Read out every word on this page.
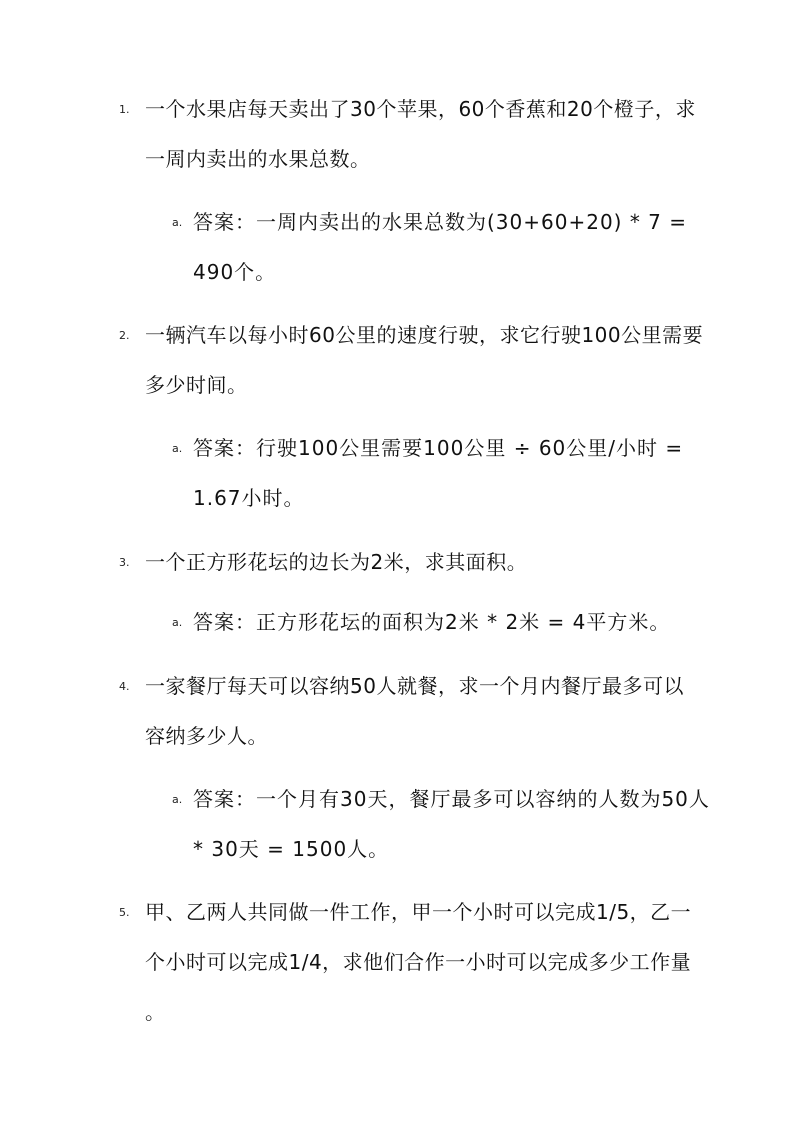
1. 一个水果店每天卖出了30个苹果，60个香蕉和20个橙子，求
一周内卖出的水果总数。
a. 答案：一周内卖出的水果总数为(30+60+20) * 7 =
490个。
2. 一辆汽车以每小时60公里的速度行驶，求它行驶100公里需要
多少时间。
a. 答案：行驶100公里需要100公里 ÷ 60公里/小时 =
1.67小时。
3. 一个正方形花坛的边长为2米，求其面积。
a. 答案：正方形花坛的面积为2米 * 2米 = 4平方米。
4. 一家餐厅每天可以容纳50人就餐，求一个月内餐厅最多可以
容纳多少人。
a. 答案：一个月有30天，餐厅最多可以容纳的人数为50人
* 30天 = 1500人。
5. 甲、乙两人共同做一件工作，甲一个小时可以完成1/5，乙一
个小时可以完成1/4，求他们合作一小时可以完成多少工作量
。
